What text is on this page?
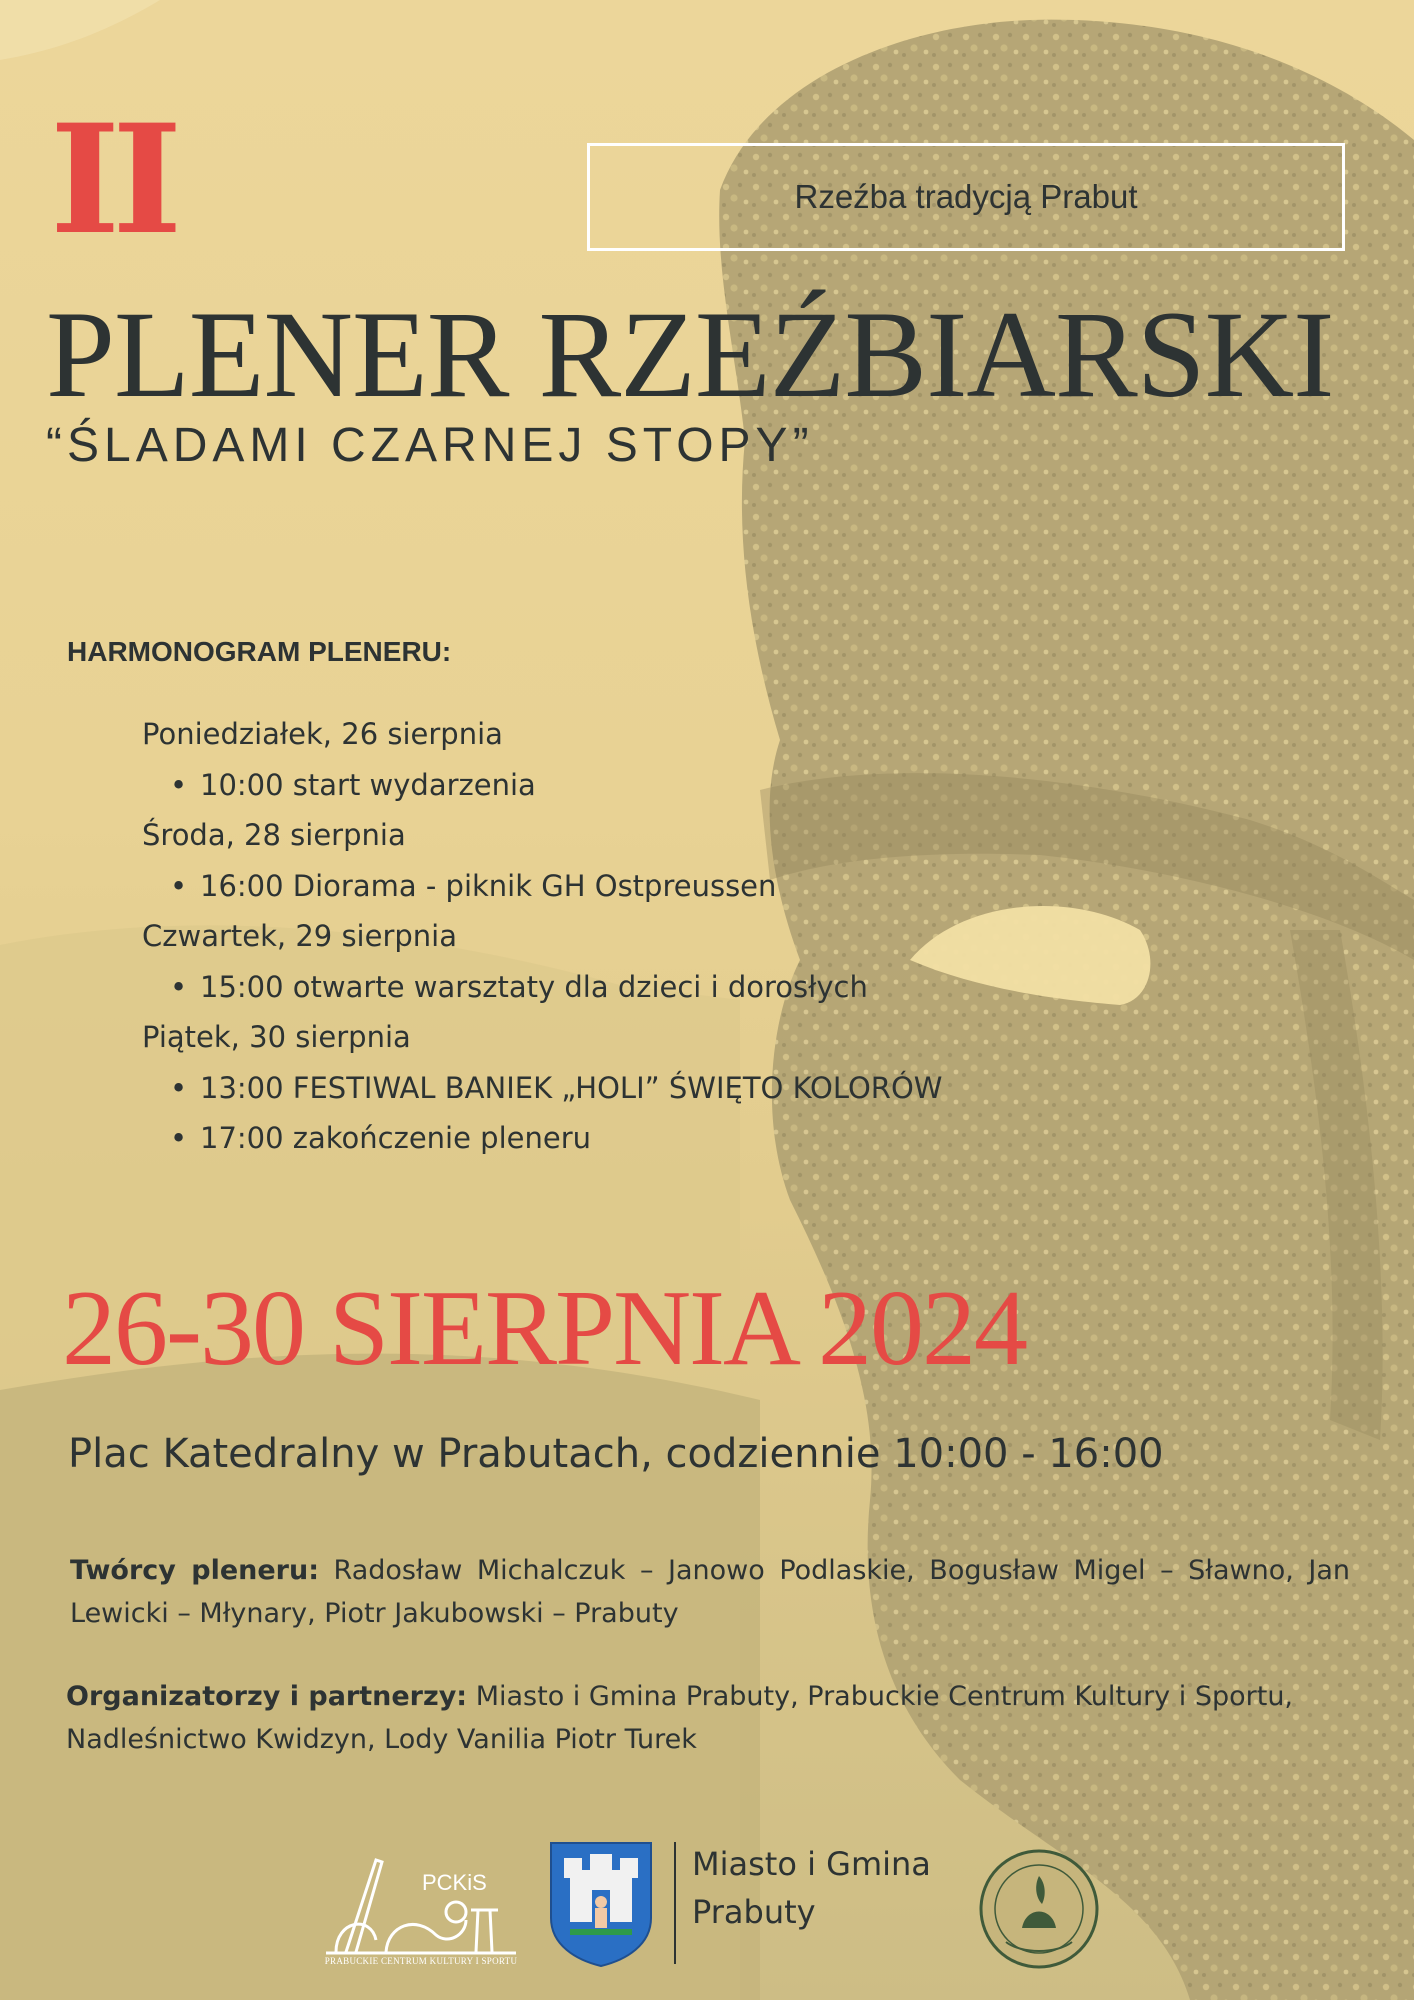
II	Rzeźba tradycją Prabut
PLENER RZEŹBIARSKI
“ŚLADAMI CZARNEJ STOPY”
HARMONOGRAM PLENERU:
Poniedziałek, 26 sierpnia
• 10:00 start wydarzenia
Środa, 28 sierpnia
• 16:00 Diorama - piknik GH Ostpreussen
Czwartek, 29 sierpnia
• 15:00 otwarte warsztaty dla dzieci i dorosłych
Piątek, 30 sierpnia
• 13:00 FESTIWAL BANIEK „HOLI” ŚWIĘTO KOLORÓW
• 17:00 zakończenie pleneru
26-30 SIERPNIA 2024
Plac Katedralny w Prabutach, codziennie 10:00 - 16:00
Twórcy pleneru: Radosław Michalczuk – Janowo Podlaskie, Bogusław Migel – Sławno, Jan Lewicki – Młynary, Piotr Jakubowski – Prabuty
Organizatorzy i partnerzy: Miasto i Gmina Prabuty, Prabuckie Centrum Kultury i Sportu, Nadleśnictwo Kwidzyn, Lody Vanilia Piotr Turek
PCKiS
PRABUCKIE CENTRUM KULTURY I SPORTU
Miasto i Gmina
Prabuty
